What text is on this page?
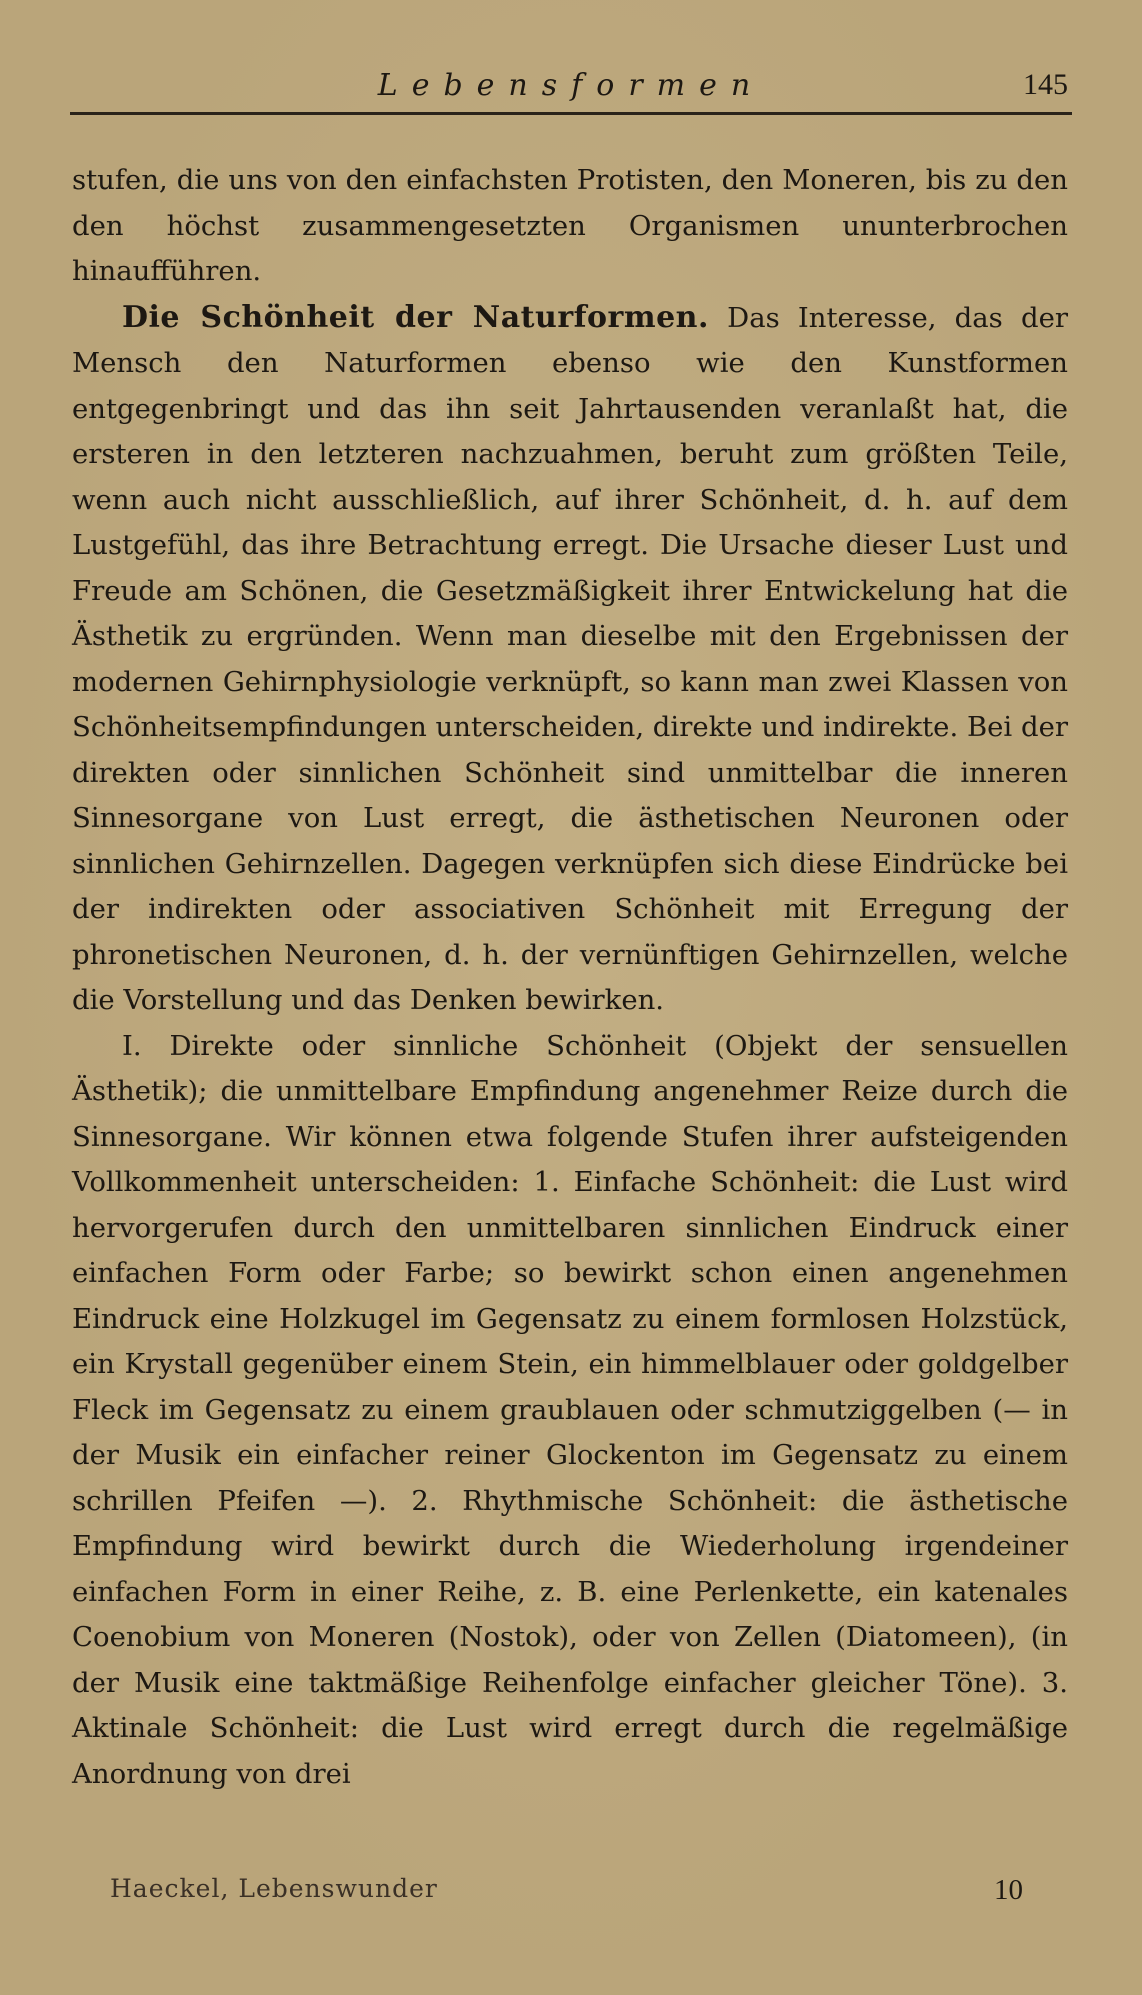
Lebensformen	145

stufen, die uns von den einfachsten Protisten, den Moneren, bis zu den den höchst zusammengesetzten Organismen ununterbrochen hinaufführen.

Die Schönheit der Naturformen. Das Interesse, das der Mensch den Naturformen ebenso wie den Kunstformen entgegenbringt und das ihn seit Jahrtausenden veranlaßt hat, die ersteren in den letzteren nachzuahmen, beruht zum größten Teile, wenn auch nicht ausschließlich, auf ihrer Schönheit, d. h. auf dem Lustgefühl, das ihre Betrachtung erregt. Die Ursache dieser Lust und Freude am Schönen, die Gesetzmäßigkeit ihrer Entwickelung hat die Ästhetik zu ergründen. Wenn man dieselbe mit den Ergebnissen der modernen Gehirnphysiologie verknüpft, so kann man zwei Klassen von Schönheitsempfindungen unterscheiden, direkte und indirekte. Bei der direkten oder sinnlichen Schönheit sind unmittelbar die inneren Sinnesorgane von Lust erregt, die ästhetischen Neuronen oder sinnlichen Gehirnzellen. Dagegen verknüpfen sich diese Eindrücke bei der indirekten oder associativen Schönheit mit Erregung der phronetischen Neuronen, d. h. der vernünftigen Gehirnzellen, welche die Vorstellung und das Denken bewirken.

I. Direkte oder sinnliche Schönheit (Objekt der sensuellen Ästhetik); die unmittelbare Empfindung angenehmer Reize durch die Sinnesorgane. Wir können etwa folgende Stufen ihrer aufsteigenden Vollkommenheit unterscheiden: 1. Einfache Schönheit: die Lust wird hervorgerufen durch den unmittelbaren sinnlichen Eindruck einer einfachen Form oder Farbe; so bewirkt schon einen angenehmen Eindruck eine Holzkugel im Gegensatz zu einem formlosen Holzstück, ein Krystall gegenüber einem Stein, ein himmelblauer oder goldgelber Fleck im Gegensatz zu einem graublauen oder schmutziggelben (— in der Musik ein einfacher reiner Glockenton im Gegensatz zu einem schrillen Pfeifen —). 2. Rhythmische Schönheit: die ästhetische Empfindung wird bewirkt durch die Wiederholung irgendeiner einfachen Form in einer Reihe, z. B. eine Perlenkette, ein katenales Coenobium von Moneren (Nostok), oder von Zellen (Diatomeen), (in der Musik eine taktmäßige Reihenfolge einfacher gleicher Töne). 3. Aktinale Schönheit: die Lust wird erregt durch die regelmäßige Anordnung von drei

Haeckel, Lebenswunder	10
